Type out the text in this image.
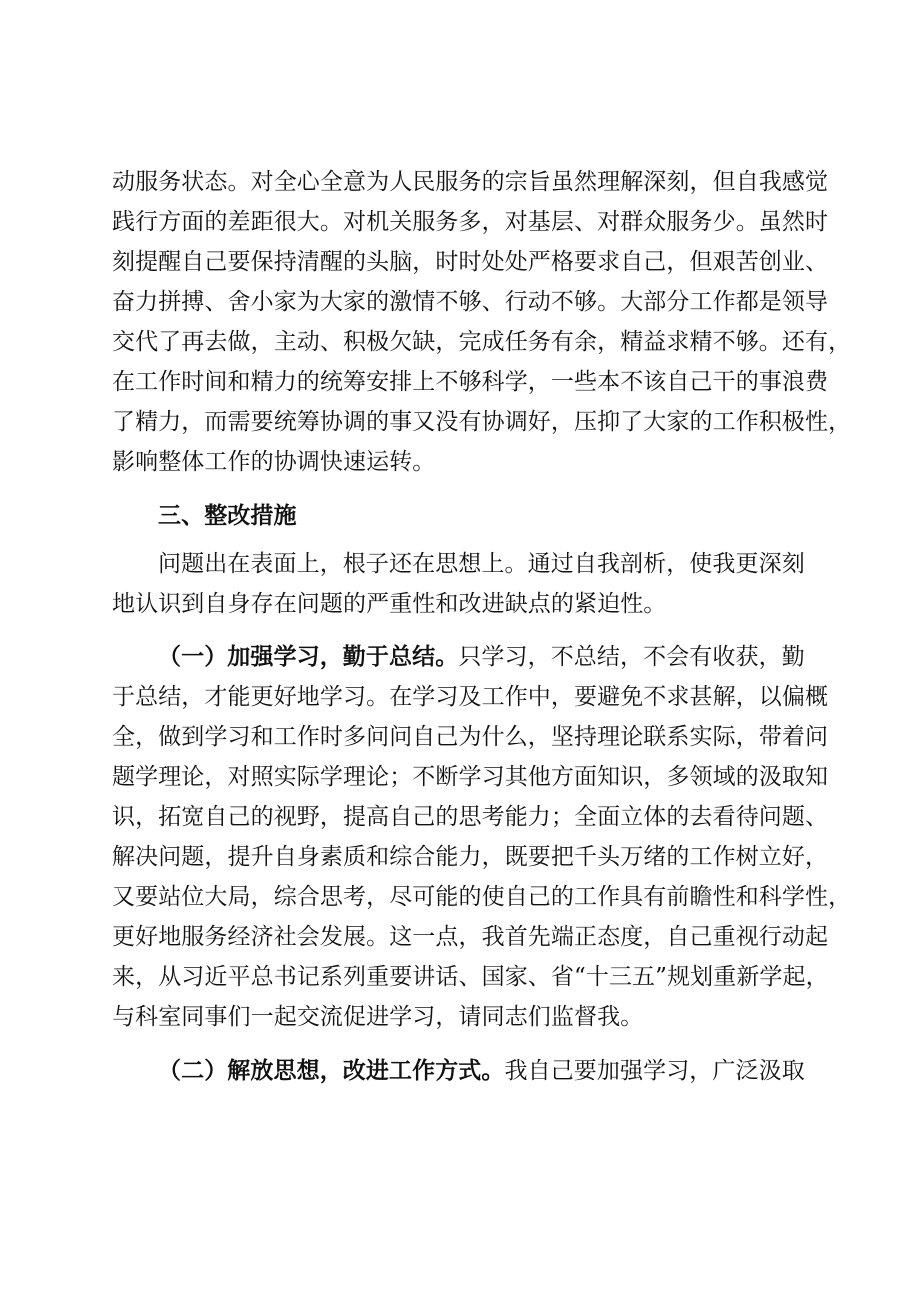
动服务状态。对全心全意为人民服务的宗旨虽然理解深刻，但自我感觉
践行方面的差距很大。对机关服务多，对基层、对群众服务少。虽然时
刻提醒自己要保持清醒的头脑，时时处处严格要求自己，但艰苦创业、
奋力拼搏、舍小家为大家的激情不够、行动不够。大部分工作都是领导
交代了再去做，主动、积极欠缺，完成任务有余，精益求精不够。还有，
在工作时间和精力的统筹安排上不够科学，一些本不该自己干的事浪费
了精力，而需要统筹协调的事又没有协调好，压抑了大家的工作积极性，
影响整体工作的协调快速运转。
三、整改措施
问题出在表面上，根子还在思想上。通过自我剖析，使我更深刻
地认识到自身存在问题的严重性和改进缺点的紧迫性。
（一）加强学习，勤于总结。只学习，不总结，不会有收获，勤
于总结，才能更好地学习。在学习及工作中，要避免不求甚解，以偏概
全，做到学习和工作时多问问自己为什么，坚持理论联系实际，带着问
题学理论，对照实际学理论；不断学习其他方面知识，多领域的汲取知
识，拓宽自己的视野，提高自己的思考能力；全面立体的去看待问题、
解决问题，提升自身素质和综合能力，既要把千头万绪的工作树立好，
又要站位大局，综合思考，尽可能的使自己的工作具有前瞻性和科学性，
更好地服务经济社会发展。这一点，我首先端正态度，自己重视行动起
来，从习近平总书记系列重要讲话、国家、省“十三五”规划重新学起，
与科室同事们一起交流促进学习，请同志们监督我。
（二）解放思想，改进工作方式。我自己要加强学习，广泛汲取
